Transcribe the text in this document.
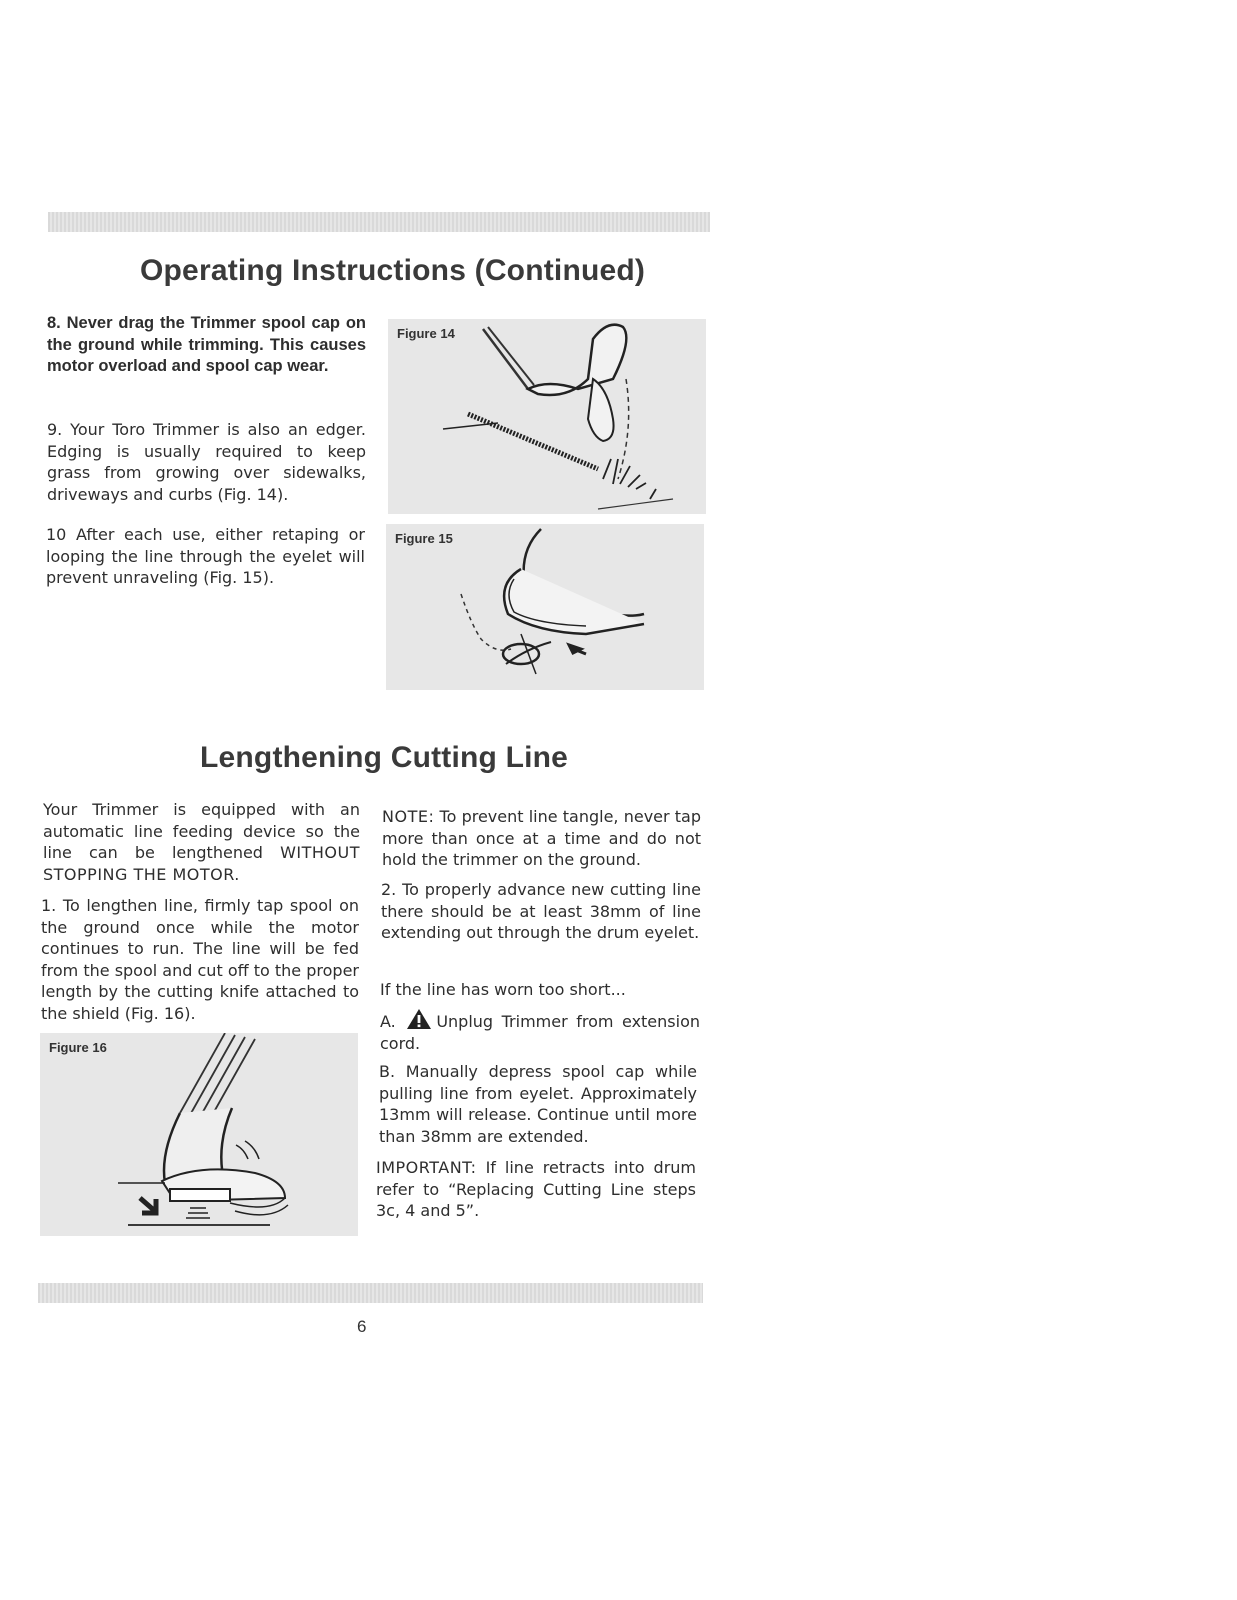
Operating Instructions (Continued)

8. Never drag the Trimmer spool cap on the ground while trimming. This causes motor overload and spool cap wear.

9. Your Toro Trimmer is also an edger. Edging is usually required to keep grass from growing over sidewalks, driveways and curbs (Fig. 14).

10 After each use, either retaping or looping the line through the eyelet will prevent unraveling (Fig. 15).

Figure 14
Figure 15
Lengthening Cutting Line

Your Trimmer is equipped with an automatic line feeding device so the line can be lengthened WITHOUT STOPPING THE MOTOR.

1. To lengthen line, firmly tap spool on the ground once while the motor continues to run. The line will be fed from the spool and cut off to the proper length by the cutting knife attached to the shield (Fig. 16).

Figure 16

NOTE: To prevent line tangle, never tap more than once at a time and do not hold the trimmer on the ground.

2. To properly advance new cutting line there should be at least 38mm of line extending out through the drum eyelet.

If the line has worn too short...

A.	Unplug Trimmer from extension cord.

B. Manually depress spool cap while pulling line from eyelet. Approximately 13mm will release. Continue until more than 38mm are extended.

IMPORTANT: If line retracts into drum refer to “Replacing Cutting Line steps 3c, 4 and 5”.

6
